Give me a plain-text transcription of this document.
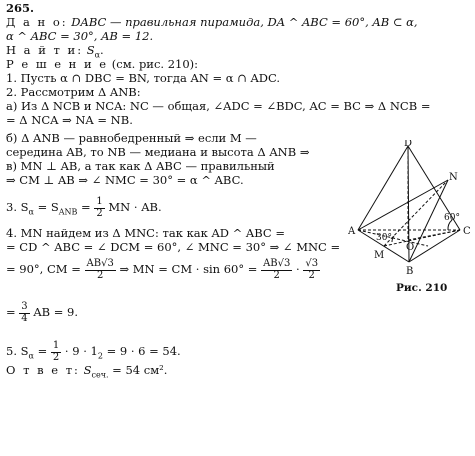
265.
Д а н о: DABC — правильная пирамида, DA ^ ABC = 60°, AB ⊂ α,
α ^ ABC = 30°, AB = 12.
Н а й т и: $S_\alpha$.
Р е ш е н и е (см. рис. 210):
1. Пусть α ∩ DBC = BN, тогда AN = α ∩ ADC.
2. Рассмотрим Δ ANB:
а) Из Δ NCB и NCA: NC — общая, ∠ADC = ∠BDC, AC = BC ⇒ Δ NCB =
= Δ NCA ⇒ NA = NB.
б) Δ ANB — равнобедренный ⇒ если M —
середина AB, то NB — медиана и высота Δ ANB ⇒
в) MN ⊥ AB, а так как Δ ABC — правильный
⇒ CM ⊥ AB ⇒ ∠ NMC = 30° = α ^ ABC.
3. $S_\alpha = S_{ANB} = \frac{1}{2}$ MN · AB.
4. MN найдем из Δ MNC: так как AD ^ ABC =
= CD ^ ABC = ∠ DCM = 60°, ∠ MNC = 30° ⇒ ∠ MNC =
= 90°, CM = $\frac{AB√3}{2}$ ⇒ MN = CM · $\sin 60^\circ = \frac{AB√3}{2} \cdot \frac{√3}{2}$
= $\frac{3}{4}$ AB = 9.
5. $S_\alpha = \frac{1}{2} \cdot 9 \cdot 1_2 = 9 \cdot 6 = 54$.
О т в е т: $S_{сеч.} = 54$ см².
D
N
A	C
O
M
B
30°
60°
Рис. 210
